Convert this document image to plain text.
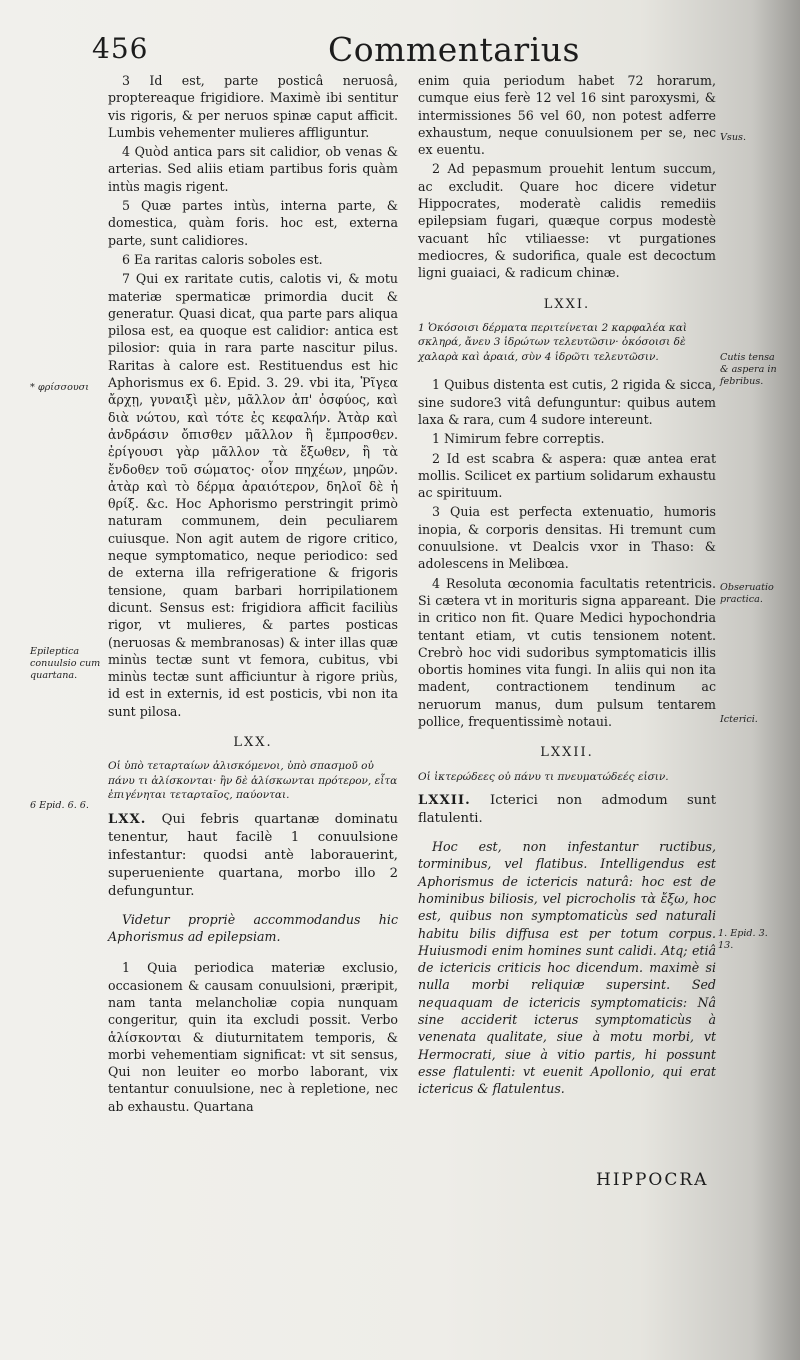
456	Commentarius

3 Id est, parte posticâ neruosâ, proptereaque frigidiore. Maximè ibi sentitur vis rigoris, & per neruos spinæ caput afficit. Lumbis vehementer mulieres affliguntur.

4 Quòd antica pars sit calidior, ob venas & arterias. Sed aliis etiam partibus foris quàm intùs magis rigent.

5 Quæ partes intùs, interna parte, & domestica, quàm foris. hoc est, externa parte, sunt calidiores.

6 Ea raritas caloris soboles est.

7 Qui ex raritate cutis, calotis vi, & motu materiæ spermaticæ primordia ducit & generatur. Quasi dicat, qua parte pars aliqua pilosa est, ea quoque est calidior: antica est pilosior: quia in rara parte nascitur pilus. Raritas à calore est. Restituendus est hic Aphorismus ex 6. Epid. 3. 29. vbi ita, Ῥῖγεα ἄρχῃ, γυναιξὶ μὲν, μᾶλλον ἀπ' ὀσφύος, καὶ διὰ νώτου, καὶ τότε ἐς κεφαλήν. Ἀτὰρ καὶ ἀνδράσιν ὄπισθεν μᾶλλον ἢ ἔμπροσθεν. ἐρίγουσι γὰρ μᾶλλον τὰ ἔξωθεν, ἢ τὰ ἔνδοθεν τοῦ σώματος· οἷον πηχέων, μηρῶν. ἀτὰρ καὶ τὸ δέρμα ἀραιότερον, δηλοῖ δὲ ἡ θρίξ. &c. Hoc Aphorismo perstringit primò naturam communem, dein peculiarem cuiusque. Non agit autem de rigore critico, neque symptomatico, neque periodico: sed de externa illa refrigeratione & frigoris tensione, quam barbari horripilationem dicunt. Sensus est: frigidiora afficit faciliùs rigor, vt mulieres, & partes posticas (neruosas & membranosas) & inter illas quæ minùs tectæ sunt vt femora, cubitus, vbi minùs tectæ sunt afficiuntur à rigore priùs, id est in externis, id est posticis, vbi non ita sunt pilosa.

LXX.

Οἱ ὑπὸ τεταρταίων ἀλισκόμενοι, ὑπὸ σπασμοῦ οὐ πάνυ τι ἁλίσκονται· ἢν δὲ ἁλίσκωνται πρότερον, εἶτα ἐπιγένηται τεταρταῖος, παύονται.

LXX. Qui febris quartanæ dominatu tenentur, haut facilè 1 conuulsione infestantur: quodsi antè laborauerint, superueniente quartana, morbo illo 2 defunguntur.

Videtur propriè accommodandus hic Aphorismus ad epilepsiam.

1 Quia periodica materiæ exclusio, occasionem & causam conuulsioni, præripit, nam tanta melancholiæ copia nunquam congeritur, quin ita excludi possit. Verbo ἁλίσκονται & diuturnitatem temporis, & morbi vehementiam significat: vt sit sensus, Qui non leuiter eo morbo laborant, vix tentantur conuulsione, nec à repletione, nec ab exhaustu. Quartana

enim quia periodum habet 72 horarum, cumque eius ferè 12 vel 16 sint paroxysmi, & intermissiones 56 vel 60, non potest adferre exhaustum, neque conuulsionem per se, nec ex euentu.

2 Ad pepasmum prouehit lentum succum, ac excludit. Quare hoc dicere videtur Hippocrates, moderatè calidis remediis epilepsiam fugari, quæque corpus modestè vacuant hîc vtiliaesse: vt purgationes mediocres, & sudorifica, quale est decoctum ligni guaiaci, & radicum chinæ.

LXXI.

1 Ὁκόσοισι δέρματα περιτείνεται 2 καρφαλέα καὶ σκληρά, ἄνευ 3 ἱδρώτων τελευτῶσιν· ὁκόσοισι δὲ χαλαρὰ καὶ ἀραιά, σὺν 4 ἱδρῶτι τελευτῶσιν.

1 Quibus distenta est cutis, 2 rigida & sicca, sine sudore3 vitâ defunguntur: quibus autem laxa & rara, cum 4 sudore intereunt.

1 Nimirum febre correptis.

2 Id est scabra & aspera: quæ antea erat mollis. Scilicet ex partium solidarum exhaustu ac spirituum.

3 Quia est perfecta extenuatio, humoris inopia, & corporis densitas. Hi tremunt cum conuulsione. vt Dealcis vxor in Thaso: & adolescens in Melibœa.

4 Resoluta œconomia facultatis retentricis. Si cætera vt in morituris signa appareant. Die in critico non fit. Quare Medici hypochondria tentant etiam, vt cutis tensionem notent. Crebrò hoc vidi sudoribus symptomaticis illis obortis homines vita fungi. In aliis qui non ita madent, contractionem tendinum ac neruorum manus, dum pulsum tentarem pollice, frequentissimè notaui.

LXXII.

Οἱ ἰκτερώδεες οὐ πάνυ τι πνευματώδεές εἰσιν.

LXXII. Icterici non admodum sunt flatulenti.

Hoc est, non infestantur ructibus, torminibus, vel flatibus. Intelligendus est Aphorismus de ictericis naturâ: hoc est de hominibus biliosis, vel picrocholis τὰ ἔξω, hoc est, quibus non symptomaticùs sed naturali habitu bilis diffusa est per totum corpus. Huiusmodi enim homines sunt calidi. Atq; etiâ de ictericis criticis hoc dicendum. maximè si nulla morbi reliquiæ supersint. Sed nequaquam de ictericis symptomaticis: Nâ sine acciderit icterus symptomaticùs à venenata qualitate, siue à motu morbi, vt Hermocrati, siue à vitio partis, hi possunt esse flatulenti: vt euenit Apollonio, qui erat ictericus & flatulentus.

* φρίσσουσι
Epileptica conuulsio cum quartana.
6 Epid. 6. 6.
Vsus.
Cutis tensa & aspera in febribus.
Obseruatio practica.
Icterici.
1. Epid. 3. 13.
HIPPOCRA
